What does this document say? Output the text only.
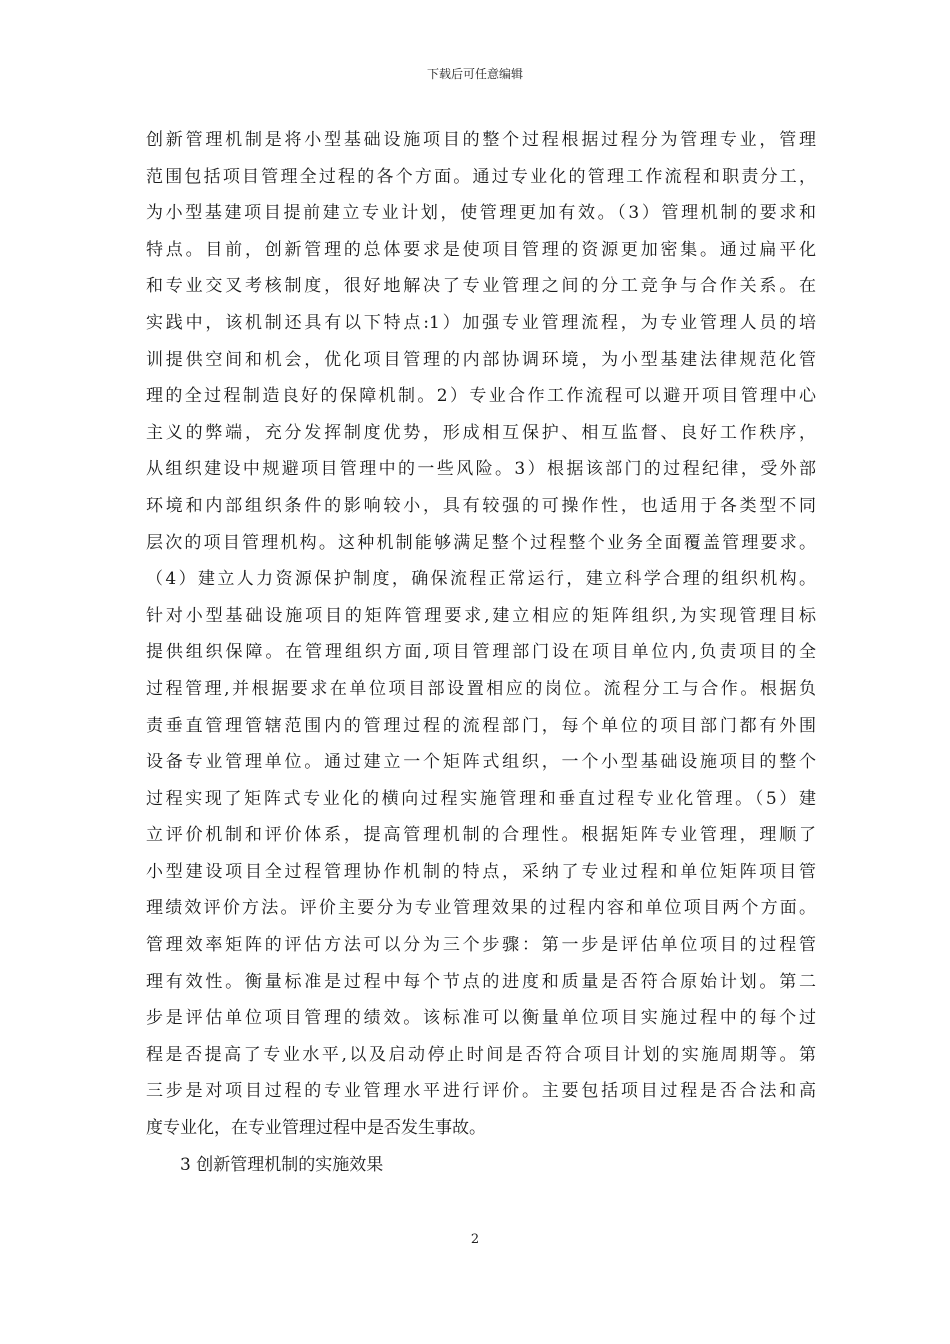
下载后可任意编辑
创新管理机制是将小型基础设施项目的整个过程根据过程分为管理专业，管理
范围包括项目管理全过程的各个方面。通过专业化的管理工作流程和职责分工，
为小型基建项目提前建立专业计划，使管理更加有效。（3）管理机制的要求和
特点。目前，创新管理的总体要求是使项目管理的资源更加密集。通过扁平化
和专业交叉考核制度，很好地解决了专业管理之间的分工竞争与合作关系。在
实践中，该机制还具有以下特点:1）加强专业管理流程，为专业管理人员的培
训提供空间和机会，优化项目管理的内部协调环境，为小型基建法律规范化管
理的全过程制造良好的保障机制。2）专业合作工作流程可以避开项目管理中心
主义的弊端，充分发挥制度优势，形成相互保护、相互监督、良好工作秩序，
从组织建设中规避项目管理中的一些风险。3）根据该部门的过程纪律，受外部
环境和内部组织条件的影响较小，具有较强的可操作性，也适用于各类型不同
层次的项目管理机构。这种机制能够满足整个过程整个业务全面覆盖管理要求。
（4）建立人力资源保护制度，确保流程正常运行，建立科学合理的组织机构。
针对小型基础设施项目的矩阵管理要求,建立相应的矩阵组织,为实现管理目标
提供组织保障。在管理组织方面,项目管理部门设在项目单位内,负责项目的全
过程管理,并根据要求在单位项目部设置相应的岗位。流程分工与合作。根据负
责垂直管理管辖范围内的管理过程的流程部门，每个单位的项目部门都有外围
设备专业管理单位。通过建立一个矩阵式组织，一个小型基础设施项目的整个
过程实现了矩阵式专业化的横向过程实施管理和垂直过程专业化管理。（5）建
立评价机制和评价体系，提高管理机制的合理性。根据矩阵专业管理，理顺了
小型建设项目全过程管理协作机制的特点，采纳了专业过程和单位矩阵项目管
理绩效评价方法。评价主要分为专业管理效果的过程内容和单位项目两个方面。
管理效率矩阵的评估方法可以分为三个步骤：第一步是评估单位项目的过程管
理有效性。衡量标准是过程中每个节点的进度和质量是否符合原始计划。第二
步是评估单位项目管理的绩效。该标准可以衡量单位项目实施过程中的每个过
程是否提高了专业水平,以及启动停止时间是否符合项目计划的实施周期等。第
三步是对项目过程的专业管理水平进行评价。主要包括项目过程是否合法和高
度专业化，在专业管理过程中是否发生事故。
3 创新管理机制的实施效果
2
